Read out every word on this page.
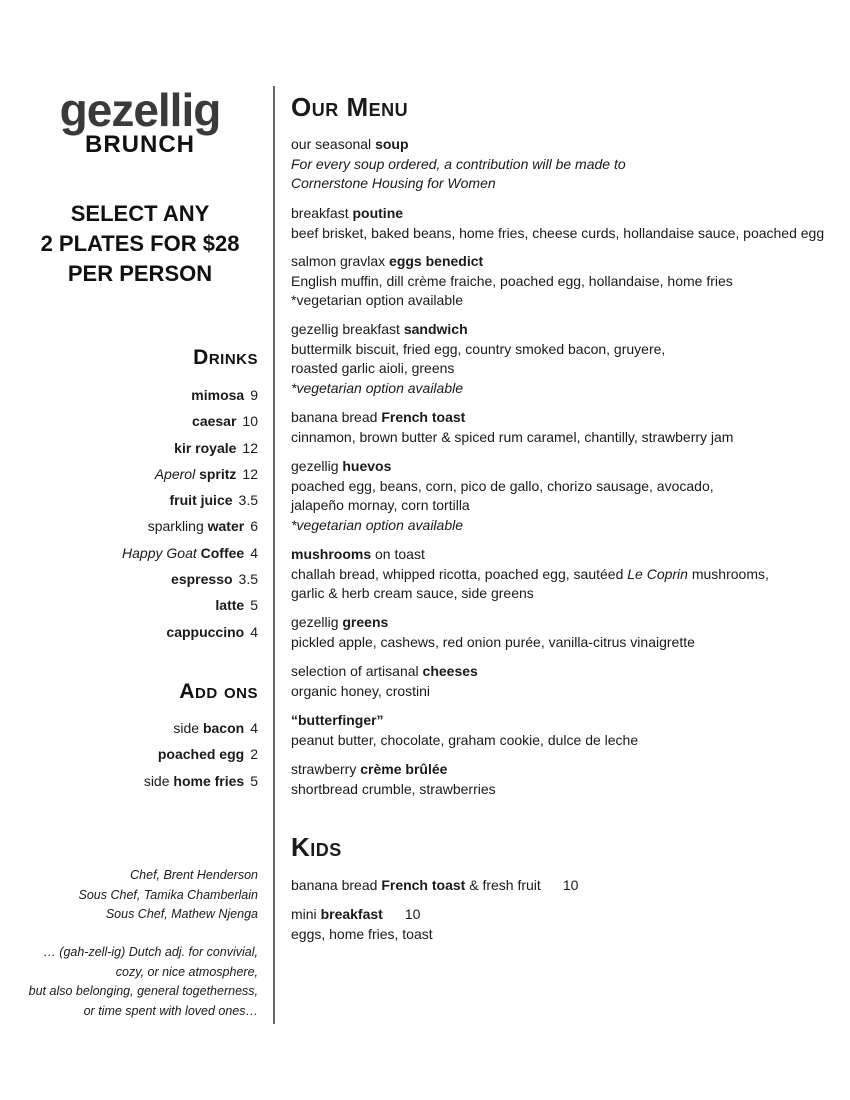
gezellig
BRUNCH
SELECT ANY
2 PLATES FOR $28
PER PERSON
Drinks
mimosa 9
caesar 10
kir royale 12
Aperol spritz 12
fruit juice 3.5
sparkling water 6
Happy Goat Coffee 4
espresso 3.5
latte 5
cappuccino 4
Add ons
side bacon 4
poached egg 2
side home fries 5
Chef, Brent Henderson
Sous Chef, Tamika Chamberlain
Sous Chef, Mathew Njenga
… (gah-zell-ig) Dutch adj. for convivial,
cozy, or nice atmosphere,
but also belonging, general togetherness,
or time spent with loved ones…
Our Menu
our seasonal soup
For every soup ordered, a contribution will be made to
Cornerstone Housing for Women
breakfast poutine
beef brisket, baked beans, home fries, cheese curds, hollandaise sauce, poached egg
salmon gravlax eggs benedict
English muffin, dill crème fraiche, poached egg, hollandaise, home fries
*vegetarian option available
gezellig breakfast sandwich
buttermilk biscuit, fried egg, country smoked bacon, gruyere,
roasted garlic aioli, greens
*vegetarian option available
banana bread French toast
cinnamon, brown butter & spiced rum caramel, chantilly, strawberry jam
gezellig huevos
poached egg, beans, corn, pico de gallo, chorizo sausage, avocado,
jalapeño mornay, corn tortilla
*vegetarian option available
mushrooms on toast
challah bread, whipped ricotta, poached egg, sautéed Le Coprin mushrooms,
garlic & herb cream sauce, side greens
gezellig greens
pickled apple, cashews, red onion purée, vanilla-citrus vinaigrette
selection of artisanal cheeses
organic honey, crostini
“butterfinger”
peanut butter, chocolate, graham cookie, dulce de leche
strawberry crème brûlée
shortbread crumble, strawberries
Kids
banana bread French toast & fresh fruit 10
mini breakfast 10
eggs, home fries, toast
